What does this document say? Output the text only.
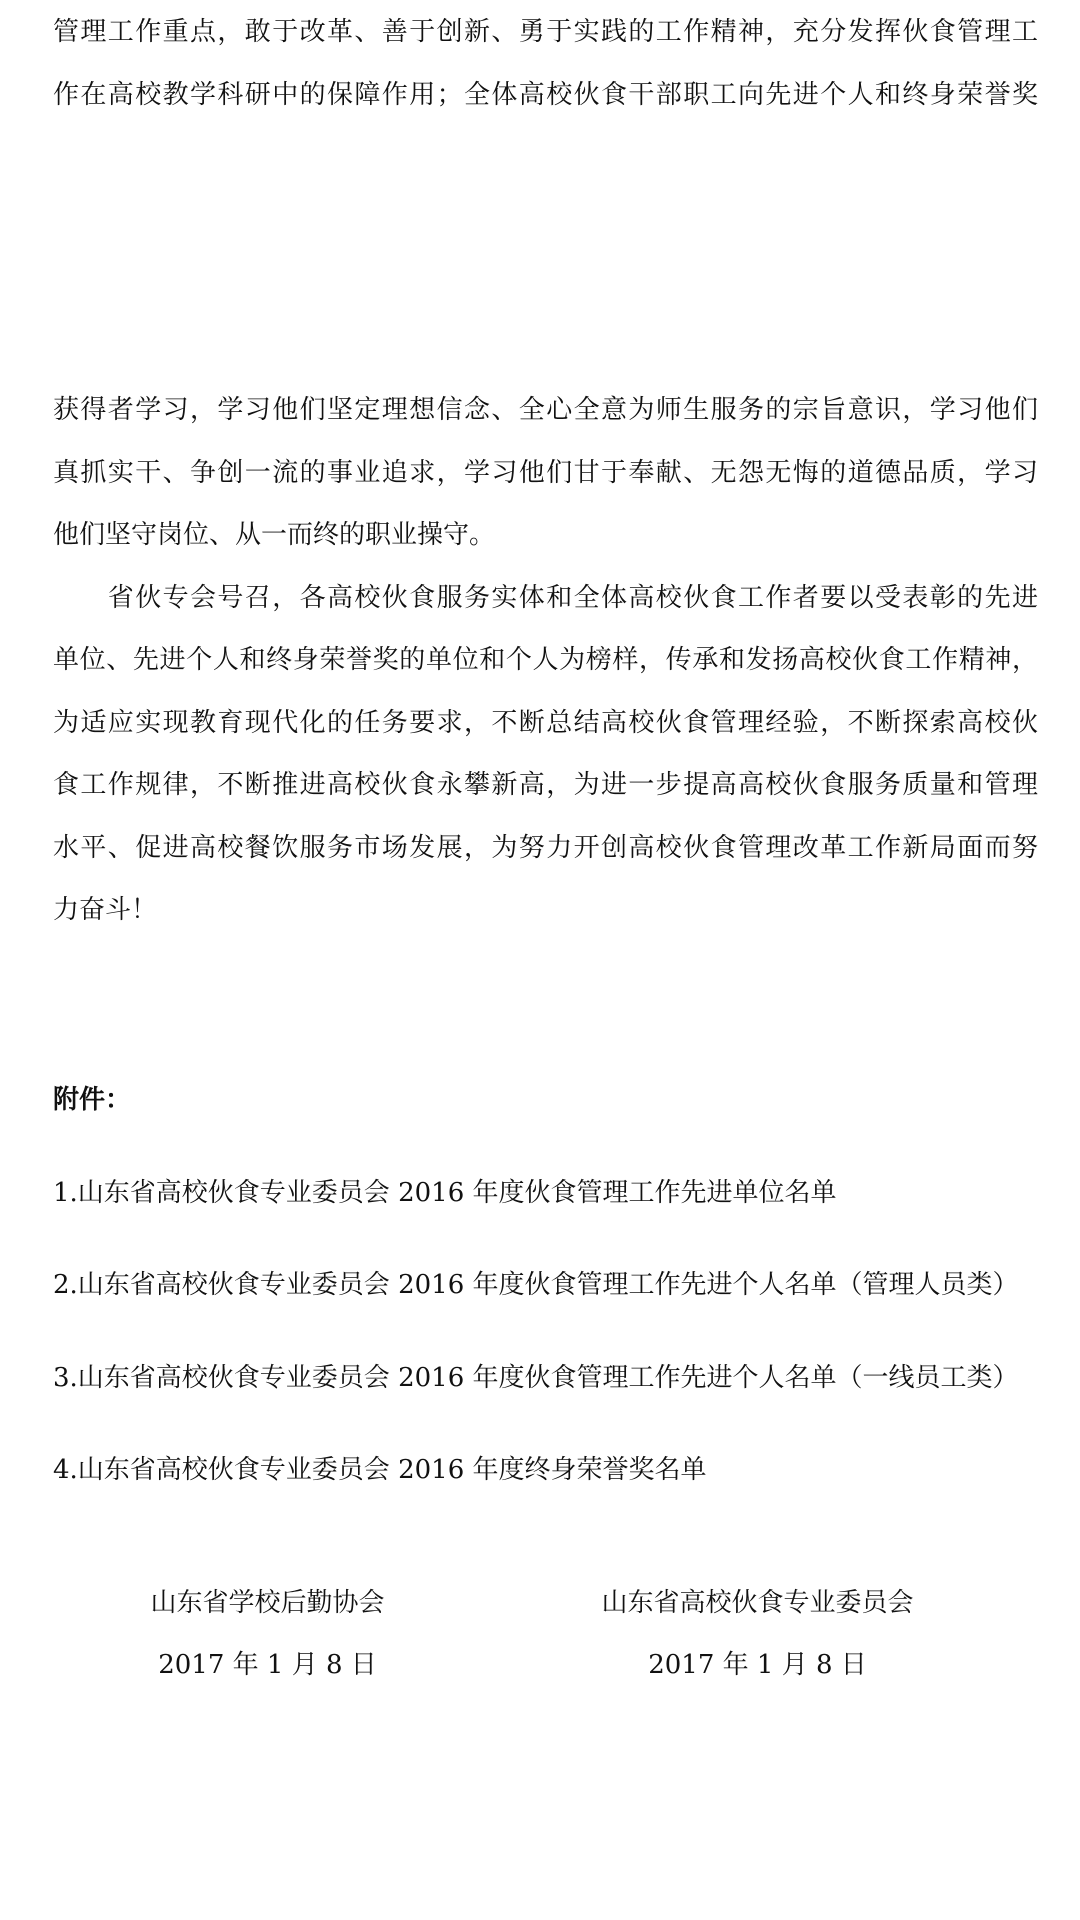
管理工作重点，敢于改革、善于创新、勇于实践的工作精神，充分发挥伙食管理工
作在高校教学科研中的保障作用；全体高校伙食干部职工向先进个人和终身荣誉奖
获得者学习，学习他们坚定理想信念、全心全意为师生服务的宗旨意识，学习他们
真抓实干、争创一流的事业追求，学习他们甘于奉献、无怨无悔的道德品质，学习
他们坚守岗位、从一而终的职业操守。
　　省伙专会号召，各高校伙食服务实体和全体高校伙食工作者要以受表彰的先进
单位、先进个人和终身荣誉奖的单位和个人为榜样，传承和发扬高校伙食工作精神，
为适应实现教育现代化的任务要求，不断总结高校伙食管理经验，不断探索高校伙
食工作规律，不断推进高校伙食永攀新高，为进一步提高高校伙食服务质量和管理
水平、促进高校餐饮服务市场发展，为努力开创高校伙食管理改革工作新局面而努
力奋斗！
附件：
1.山东省高校伙食专业委员会 2016 年度伙食管理工作先进单位名单
2.山东省高校伙食专业委员会 2016 年度伙食管理工作先进个人名单（管理人员类）
3.山东省高校伙食专业委员会 2016 年度伙食管理工作先进个人名单（一线员工类）
4.山东省高校伙食专业委员会 2016 年度终身荣誉奖名单
山东省学校后勤协会
2017 年 1 月 8 日
山东省高校伙食专业委员会
2017 年 1 月 8 日
